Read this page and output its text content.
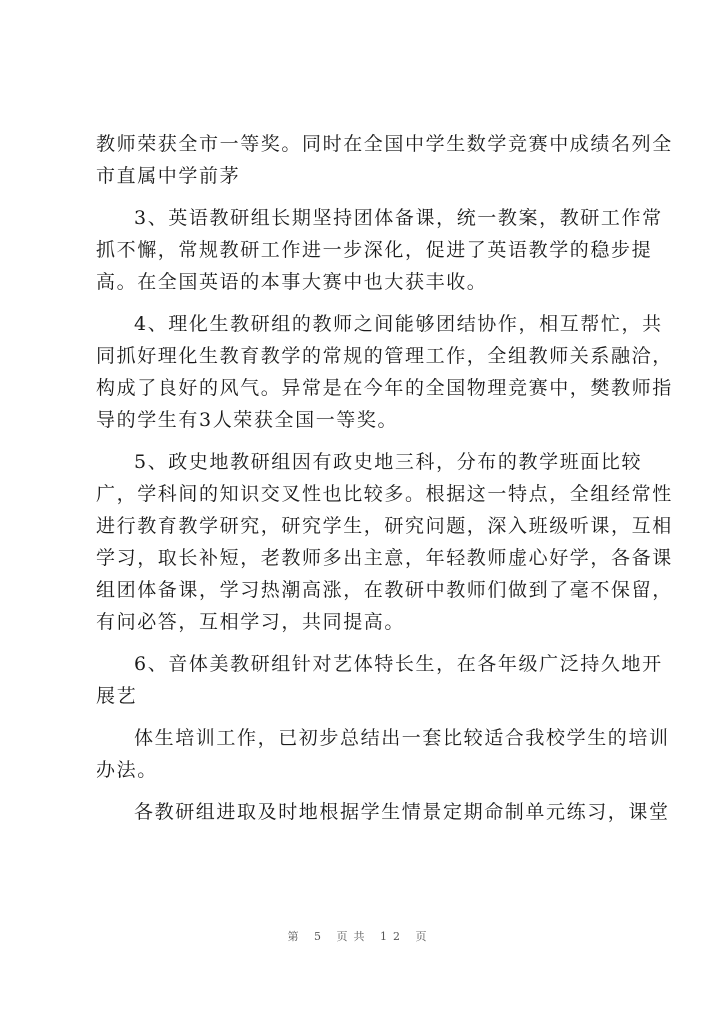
教师荣获全市一等奖。同时在全国中学生数学竞赛中成绩名列全
市直属中学前茅
3、英语教研组长期坚持团体备课，统一教案，教研工作常
抓不懈，常规教研工作进一步深化，促进了英语教学的稳步提
高。在全国英语的本事大赛中也大获丰收。
4、理化生教研组的教师之间能够团结协作，相互帮忙，共
同抓好理化生教育教学的常规的管理工作，全组教师关系融洽，
构成了良好的风气。异常是在今年的全国物理竞赛中，樊教师指
导的学生有3人荣获全国一等奖。
5、政史地教研组因有政史地三科，分布的教学班面比较
广，学科间的知识交叉性也比较多。根据这一特点，全组经常性
进行教育教学研究，研究学生，研究问题，深入班级听课，互相
学习，取长补短，老教师多出主意，年轻教师虚心好学，各备课
组团体备课，学习热潮高涨，在教研中教师们做到了毫不保留，
有问必答，互相学习，共同提高。
6、音体美教研组针对艺体特长生，在各年级广泛持久地开
展艺
体生培训工作，已初步总结出一套比较适合我校学生的培训
办法。
各教研组进取及时地根据学生情景定期命制单元练习，课堂
第 5 页共 12 页
